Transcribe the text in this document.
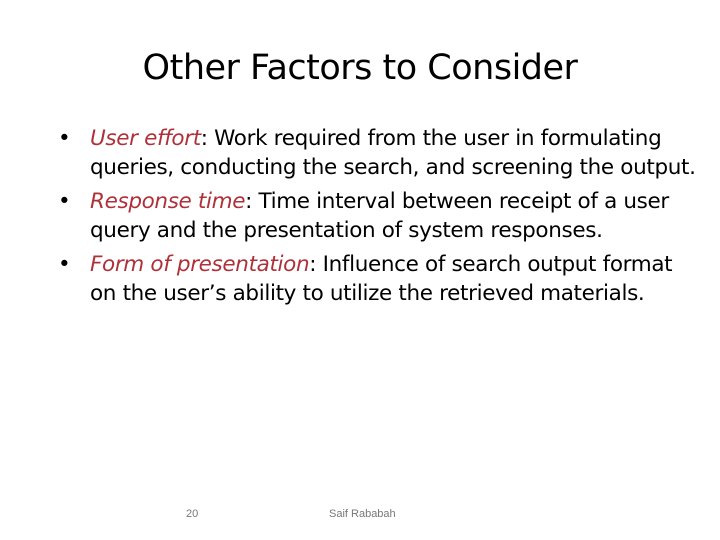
Other Factors to Consider
• User effort: Work required from the user in formulating queries, conducting the search, and screening the output.
• Response time: Time interval between receipt of a user query and the presentation of system responses.
• Form of presentation: Influence of search output format on the user’s ability to utilize the retrieved materials.
20	Saif Rababah
